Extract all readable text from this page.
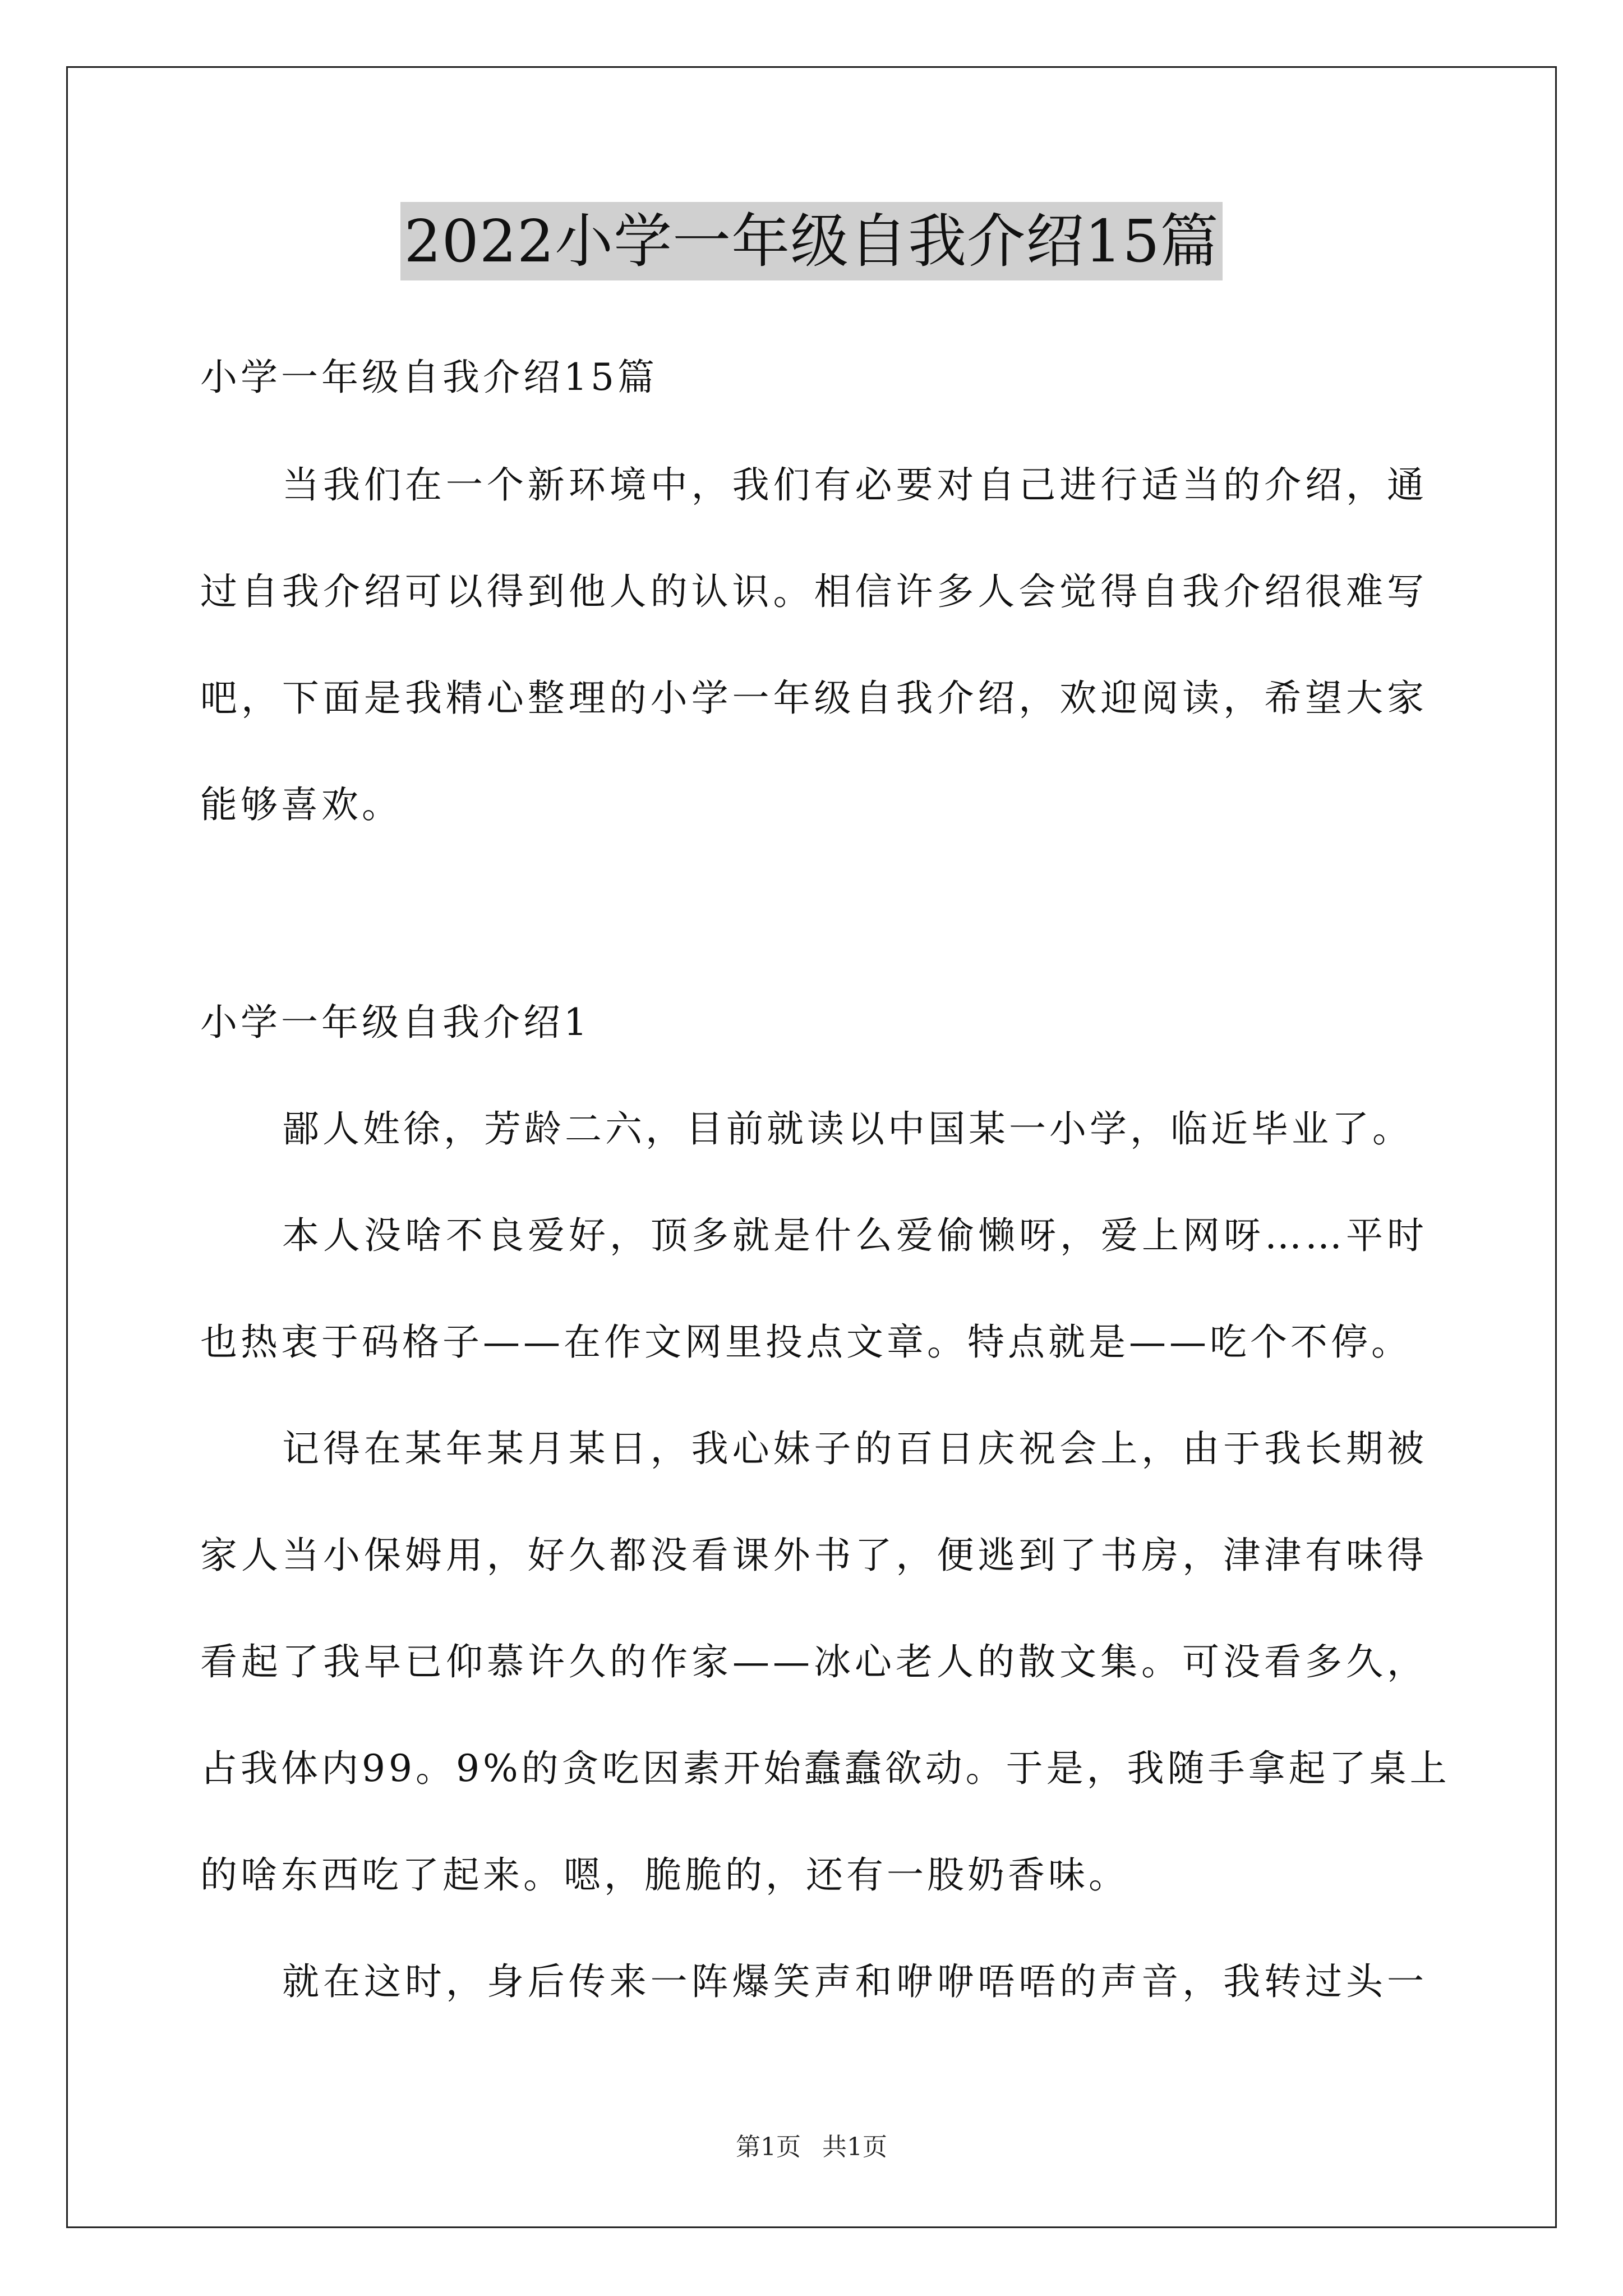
2022小学一年级自我介绍15篇
小学一年级自我介绍15篇
当我们在一个新环境中，我们有必要对自己进行适当的介绍，通
过自我介绍可以得到他人的认识。相信许多人会觉得自我介绍很难写
吧，下面是我精心整理的小学一年级自我介绍，欢迎阅读，希望大家
能够喜欢。
小学一年级自我介绍1
鄙人姓徐，芳龄二六，目前就读以中国某一小学，临近毕业了。
本人没啥不良爱好，顶多就是什么爱偷懒呀，爱上网呀……平时
也热衷于码格子——在作文网里投点文章。特点就是——吃个不停。
记得在某年某月某日，我心妹子的百日庆祝会上，由于我长期被
家人当小保姆用，好久都没看课外书了，便逃到了书房，津津有味得
看起了我早已仰慕许久的作家——冰心老人的散文集。可没看多久，
占我体内99。9%的贪吃因素开始蠢蠢欲动。于是，我随手拿起了桌上
的啥东西吃了起来。嗯，脆脆的，还有一股奶香味。
就在这时，身后传来一阵爆笑声和咿咿唔唔的声音，我转过头一
第1页 共1页
